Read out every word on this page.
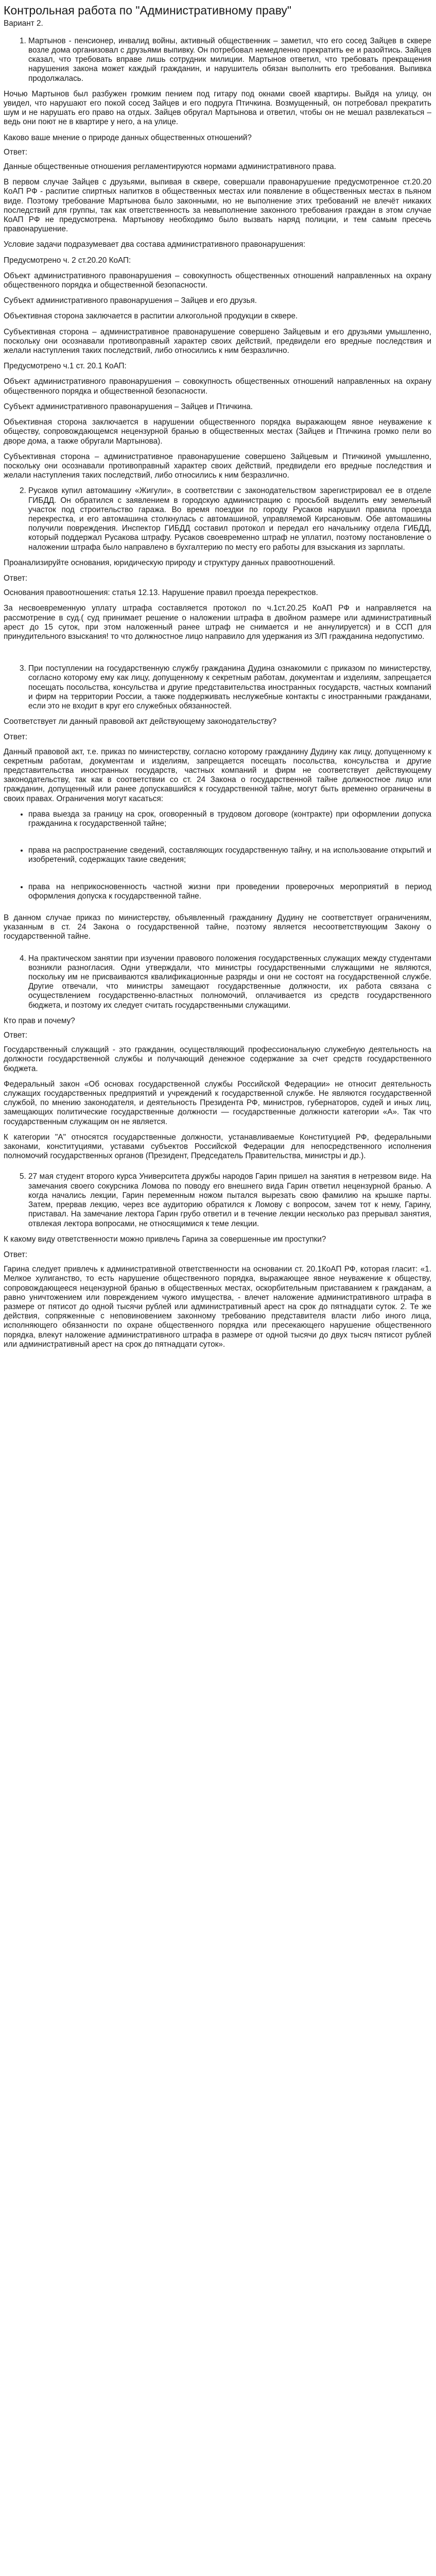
Контрольная работа по "Административному праву"
Вариант 2.

1. Мартынов - пенсионер, инвалид войны, активный общественник – заметил, что его сосед Зайцев в сквере возле дома организовал с друзьями выпивку. Он потребовал немедленно прекратить ее и разойтись. Зайцев сказал, что требовать вправе лишь сотрудник милиции. Мартынов ответил, что требовать прекращения нарушения закона может каждый гражданин, и нарушитель обязан выполнить его требования. Выпивка продолжалась.

Ночью Мартынов был разбужен громким пением под гитару под окнами своей квартиры. Выйдя на улицу, он увидел, что нарушают его покой сосед Зайцев и его подруга Птичкина. Возмущенный, он потребовал прекратить шум и не нарушать его право на отдых. Зайцев обругал Мартынова и ответил, чтобы он не мешал развлекаться – ведь они поют не в квартире у него, а на улице.

Каково ваше мнение о природе данных общественных отношений?

Ответ:

Данные общественные отношения регламентируются нормами административного права.

В первом случае Зайцев с друзьями, выпивая в сквере, совершали правонарушение предусмотренное ст.20.20 КоАП РФ - распитие спиртных напитков в общественных местах или появление в общественных местах в пьяном виде. Поэтому требование Мартынова было законными, но не выполнение этих требований не влечёт никаких последствий для группы, так как ответственность за невыполнение законного требования граждан в этом случае КоАП РФ не предусмотрена. Мартынову необходимо было вызвать наряд полиции, и тем самым пресечь правонарушение.

Условие задачи подразумевает два состава административного правонарушения:

Предусмотрено ч. 2 ст.20.20 КоАП:

Объект административного правонарушения – совокупность общественных отношений направленных на охрану общественного порядка и общественной безопасности.

Субъект административного правонарушения – Зайцев и его друзья.

Объективная сторона заключается в распитии алкогольной продукции в сквере.

Субъективная сторона – административное правонарушение совершено Зайцевым и его друзьями умышленно, поскольку они осознавали противоправный характер своих действий, предвидели его вредные последствия и желали наступления таких последствий, либо относились к ним безразлично.

Предусмотрено ч.1 ст. 20.1 КоАП:

Объект административного правонарушения – совокупность общественных отношений направленных на охрану общественного порядка и общественной безопасности.

Субъект административного правонарушения – Зайцев и Птичкина.

Объективная сторона заключается в нарушении общественного порядка выражающем явное неуважение к обществу, сопровождающемся нецензурной бранью в общественных местах (Зайцев и Птичкина громко пели во дворе дома, а также обругали Мартынова).

Субъективная сторона – административное правонарушение совершено Зайцевым и Птичкиной умышленно, поскольку они осознавали противоправный характер своих действий, предвидели его вредные последствия и желали наступления таких последствий, либо относились к ним безразлично.

2. Русаков купил автомашину «Жигули», в соответствии с законодательством зарегистрировал ее в отделе ГИБДД. Он обратился с заявлением в городскую администрацию с просьбой выделить ему земельный участок под строительство гаража. Во время поездки по городу Русаков нарушил правила проезда перекрестка, и его автомашина столкнулась с автомашиной, управляемой Кирсановым. Обе автомашины получили повреждения. Инспектор ГИБДД составил протокол и передал его начальнику отдела ГИБДД, который поддержал Русакова штрафу. Русаков своевременно штраф не уплатил, поэтому постановление о наложении штрафа было направлено в бухгалтерию по месту его работы для взыскания из зарплаты.

Проанализируйте основания, юридическую природу и структуру данных правоотношений.

Ответ:

Основания правоотношения: статья 12.13. Нарушение правил проезда перекрестков.

За несвоевременную уплату штрафа составляется протокол по ч.1ст.20.25 КоАП РФ и направляется на рассмотрение в суд.( суд принимает решение о наложении штрафа в двойном размере или административный арест до 15 суток, при этом наложенный ранее штраф не снимается и не аннулируется) и в ССП для принудительного взыскания! то что должностное лицо направило для удержания из З/П гражданина недопустимо.

3. При поступлении на государственную службу гражданина Дудина ознакомили с приказом по министерству, согласно которому ему как лицу, допущенному к секретным работам, документам и изделиям, запрещается посещать посольства, консульства и другие представительства иностранных государств, частных компаний и фирм на территории России, а также поддерживать неслужебные контакты с иностранными гражданами, если это не входит в круг его служебных обязанностей.

Соответствует ли данный правовой акт действующему законодательству?

Ответ:

Данный правовой акт, т.е. приказ по министерству, согласно которому гражданину Дудину как лицу, допущенному к секретным работам, документам и изделиям, запрещается посещать посольства, консульства и другие представительства иностранных государств, частных компаний и фирм не соответствует действующему законодательству, так как в соответствии со ст. 24 Закона о государственной тайне должностное лицо или гражданин, допущенный или ранее допускавшийся к государственной тайне, могут быть временно ограничены в своих правах. Ограничения могут касаться:

• права выезда за границу на срок, оговоренный в трудовом договоре (контракте) при оформлении допуска гражданина к государственной тайне;
• права на распространение сведений, составляющих государственную тайну, и на использование открытий и изобретений, содержащих такие сведения;
• права на неприкосновенность частной жизни при проведении проверочных мероприятий в период оформления допуска к государственной тайне.

В данном случае приказ по министерству, объявленный гражданину Дудину не соответствует ограничениям, указанным в ст. 24 Закона о государственной тайне, поэтому является несоответствующим Закону о государственной тайне.

4. На практическом занятии при изучении правового положения государственных служащих между студентами возникли разногласия. Одни утверждали, что министры государственными служащими не являются, поскольку им не присваиваются квалификационные разряды и они не состоят на государственной службе. Другие отвечали, что министры замещают государственные должности, их работа связана с осуществлением государственно-властных полномочий, оплачивается из средств государственного бюджета, и поэтому их следует считать государственными служащими.

Кто прав и почему?

Ответ:

Государственный служащий - это гражданин, осуществляющий профессиональную служебную деятельность на должности государственной службы и получающий денежное содержание за счет средств государственного бюджета.

Федеральный закон «Об основах государственной службы Российской Федерации» не относит деятельность служащих государственных предприятий и учреждений к государственной службе. Не являются государственной службой, по мнению законодателя, и деятельность Президента РФ, министров, губернаторов, судей и иных лиц, замещающих политические государственные должности — государственные должности категории «А». Так что государственным служащим он не является.

К категории "А" относятся государственные должности, устанавливаемые Конституцией РФ, федеральными законами, конституциями, уставами субъектов Российской Федерации для непосредственного исполнения полномочий государственных органов (Президент, Председатель Правительства, министры и др.).

5. 27 мая студент второго курса Университета дружбы народов Гарин пришел на занятия в нетрезвом виде. На замечания своего сокурсника Ломова по поводу его внешнего вида Гарин ответил нецензурной бранью. А когда начались лекции, Гарин переменным ножом пытался вырезать свою фамилию на крышке парты. Затем, прервав лекцию, через все аудиторию обратился к Ломову с вопросом, зачем тот к нему, Гарину, приставал. На замечание лектора Гарин грубо ответил и в течение лекции несколько раз прерывал занятия, отвлекая лектора вопросами, не относящимися к теме лекции.

К какому виду ответственности можно привлечь Гарина за совершенные им проступки?

Ответ:

Гарина следует привлечь к административной ответственности на основании ст. 20.1КоАП РФ, которая гласит: «1. Мелкое хулиганство, то есть нарушение общественного порядка, выражающее явное неуважение к обществу, сопровождающееся нецензурной бранью в общественных местах, оскорбительным приставанием к гражданам, а равно уничтожением или повреждением чужого имущества, - влечет наложение административного штрафа в размере от пятисот до одной тысячи рублей или административный арест на срок до пятнадцати суток. 2. Те же действия, сопряженные с неповиновением законному требованию представителя власти либо иного лица, исполняющего обязанности по охране общественного порядка или пресекающего нарушение общественного порядка, влекут наложение административного штрафа в размере от одной тысячи до двух тысяч пятисот рублей или административный арест на срок до пятнадцати суток».
